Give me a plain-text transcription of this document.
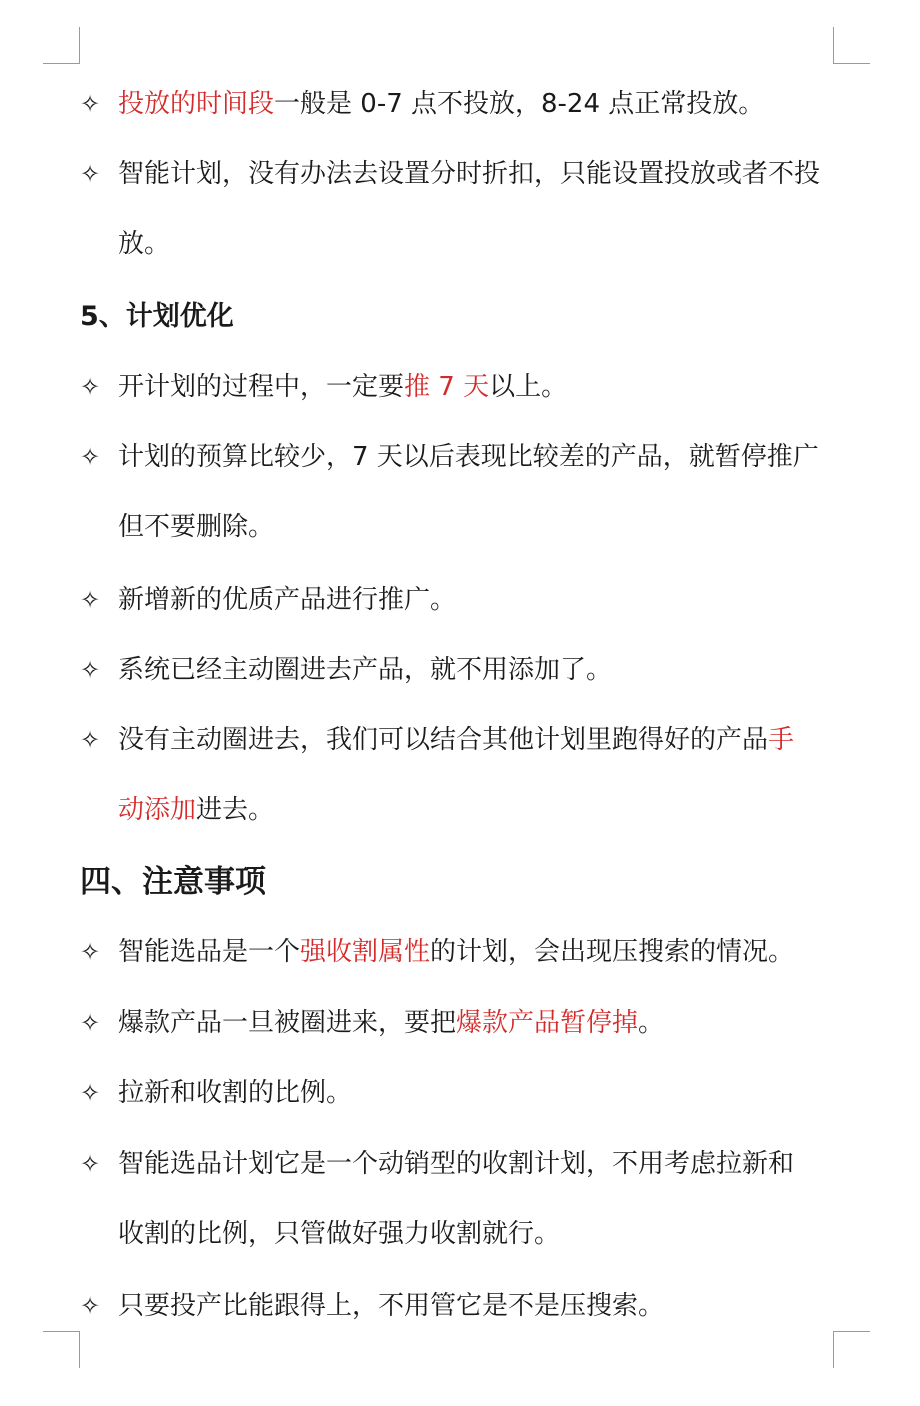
✧ 投放的时间段一般是 0-7 点不投放，8-24 点正常投放。
✧ 智能计划，没有办法去设置分时折扣，只能设置投放或者不投
放。
5、计划优化
✧ 开计划的过程中，一定要推 7 天以上。
✧ 计划的预算比较少，7 天以后表现比较差的产品，就暂停推广
但不要删除。
✧ 新增新的优质产品进行推广。
✧ 系统已经主动圈进去产品，就不用添加了。
✧ 没有主动圈进去，我们可以结合其他计划里跑得好的产品手
动添加进去。
四、注意事项
✧ 智能选品是一个强收割属性的计划，会出现压搜索的情况。
✧ 爆款产品一旦被圈进来，要把爆款产品暂停掉。
✧ 拉新和收割的比例。
✧ 智能选品计划它是一个动销型的收割计划，不用考虑拉新和
收割的比例，只管做好强力收割就行。
✧ 只要投产比能跟得上，不用管它是不是压搜索。
